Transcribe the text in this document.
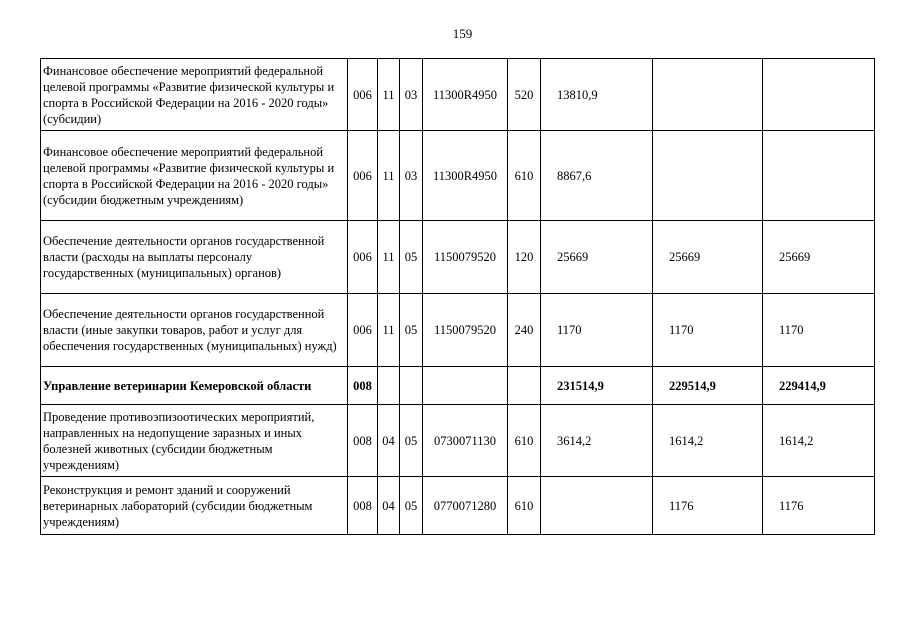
159
Финансовое обеспечение мероприятий федеральной целевой программы «Развитие физической культуры и спорта в Российской Федерации на 2016 - 2020 годы» (субсидии)	006	11	03	11300R4950	520	13810,9		
Финансовое обеспечение мероприятий федеральной целевой программы «Развитие физической культуры и спорта в Российской Федерации на 2016 - 2020 годы» (субсидии бюджетным учреждениям)	006	11	03	11300R4950	610	8867,6		
Обеспечение деятельности органов государственной власти (расходы на выплаты персоналу государственных (муниципальных) органов)	006	11	05	1150079520	120	25669	25669	25669
Обеспечение деятельности органов государственной власти (иные закупки товаров, работ и услуг для обеспечения государственных (муниципальных) нужд)	006	11	05	1150079520	240	1170	1170	1170
Управление ветеринарии Кемеровской области	008					231514,9	229514,9	229414,9
Проведение противоэпизоотических мероприятий, направленных на недопущение заразных и иных болезней животных (субсидии бюджетным учреждениям)	008	04	05	0730071130	610	3614,2	1614,2	1614,2
Реконструкция и ремонт зданий и сооружений ветеринарных лабораторий (субсидии бюджетным учреждениям)	008	04	05	0770071280	610		1176	1176
